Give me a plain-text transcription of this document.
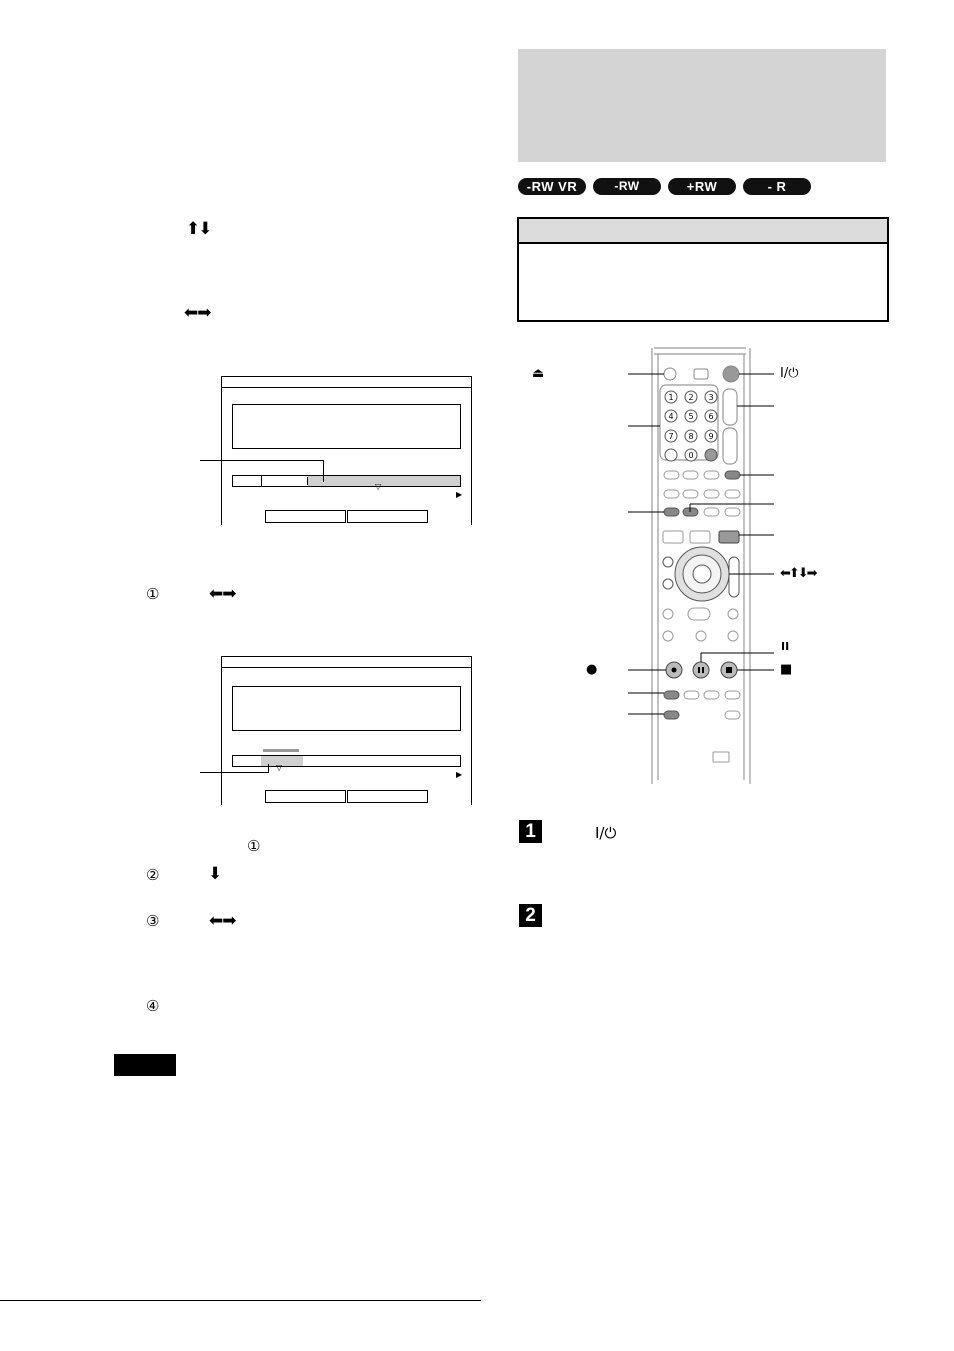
⬆⬇
⬅➡
▽
▶
①	⬅➡
▽
▶
①
②	⬇
③	⬅➡
④
-RW VR	-RW VIDEO
+RW	- R
1 2 3
4 5 6
7 8 9
0
⏏	I/⏻
⬅⬆⬇➡
II
●	■
1	I/⏻
2
